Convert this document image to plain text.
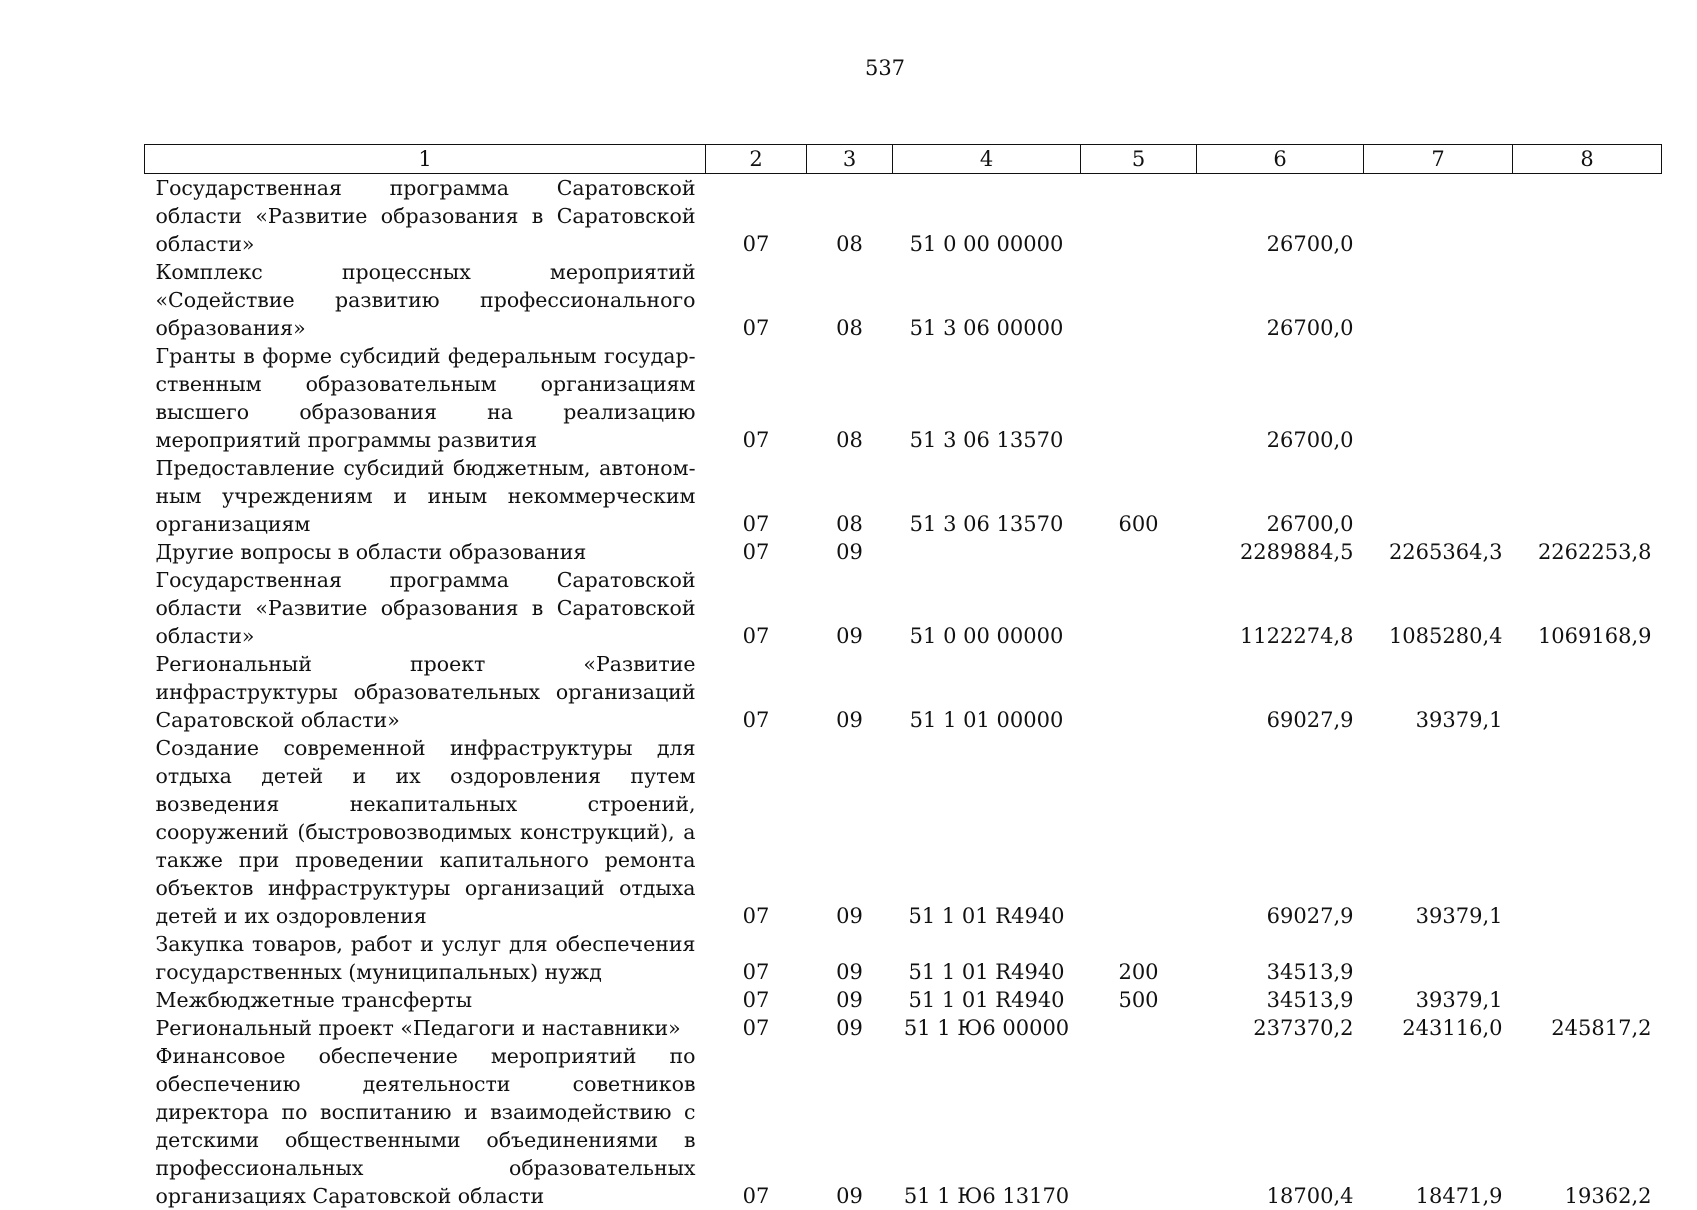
537
1	2	3	4	5	6	7	8
Государственная программа Саратовской области «Развитие образования в Саратовской области»	07	08	51 0 00 00000		26700,0		
Комплекс процессных мероприятий «Содействие развитию профессионального образования»	07	08	51 3 06 00000		26700,0		
Гранты в форме субсидий федеральным государственным образовательным организациям высшего образования на реализацию мероприятий программы развития	07	08	51 3 06 13570		26700,0		
Предоставление субсидий бюджетным, автономным учреждениям и иным некоммерческим организациям	07	08	51 3 06 13570	600	26700,0		
Другие вопросы в области образования	07	09			2289884,5	2265364,3	2262253,8
Государственная программа Саратовской области «Развитие образования в Саратовской области»	07	09	51 0 00 00000		1122274,8	1085280,4	1069168,9
Региональный проект «Развитие инфраструктуры образовательных организаций Саратовской области»	07	09	51 1 01 00000		69027,9	39379,1	
Создание современной инфраструктуры для отдыха детей и их оздоровления путем возведения некапитальных строений, сооружений (быстровозводимых конструкций), а также при проведении капитального ремонта объектов инфраструктуры организаций отдыха детей и их оздоровления	07	09	51 1 01 R4940		69027,9	39379,1	
Закупка товаров, работ и услуг для обеспечения государственных (муниципальных) нужд	07	09	51 1 01 R4940	200	34513,9		
Межбюджетные трансферты	07	09	51 1 01 R4940	500	34513,9	39379,1	
Региональный проект «Педагоги и наставники»	07	09	51 1 Ю6 00000		237370,2	243116,0	245817,2
Финансовое обеспечение мероприятий по обеспечению деятельности советников директора по воспитанию и взаимодействию с детскими общественными объединениями в профессиональных образовательных организациях Саратовской области	07	09	51 1 Ю6 13170		18700,4	18471,9	19362,2
